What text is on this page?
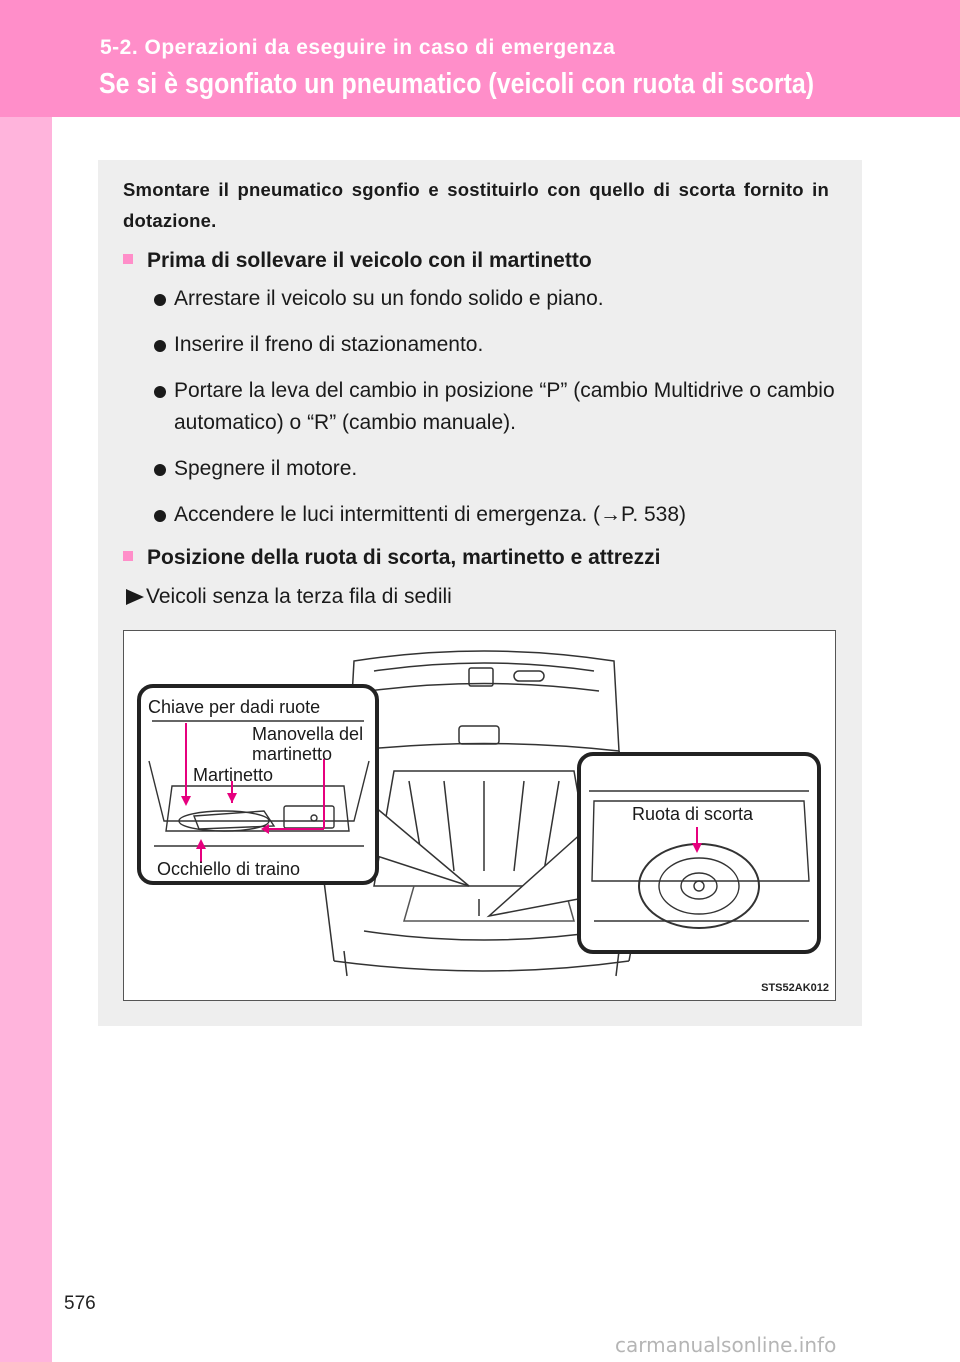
5-2. Operazioni da eseguire in caso di emergenza
Se si è sgonfiato un pneumatico (veicoli con ruota di scorta)
Smontare il pneumatico sgonfio e sostituirlo con quello di scorta fornito in dotazione.
Prima di sollevare il veicolo con il martinetto
Arrestare il veicolo su un fondo solido e piano.
Inserire il freno di stazionamento.
Portare la leva del cambio in posizione “P” (cambio Multidrive o cambio automatico) o “R” (cambio manuale).
Spegnere il motore.
Accendere le luci intermittenti di emergenza. (→P. 538)
Posizione della ruota di scorta, martinetto e attrezzi
Veicoli senza la terza fila di sedili
Chiave per dadi ruote
Manovella del martinetto
Martinetto
Occhiello di traino
Ruota di scorta
STS52AK012
576
carmanualsonline.info
